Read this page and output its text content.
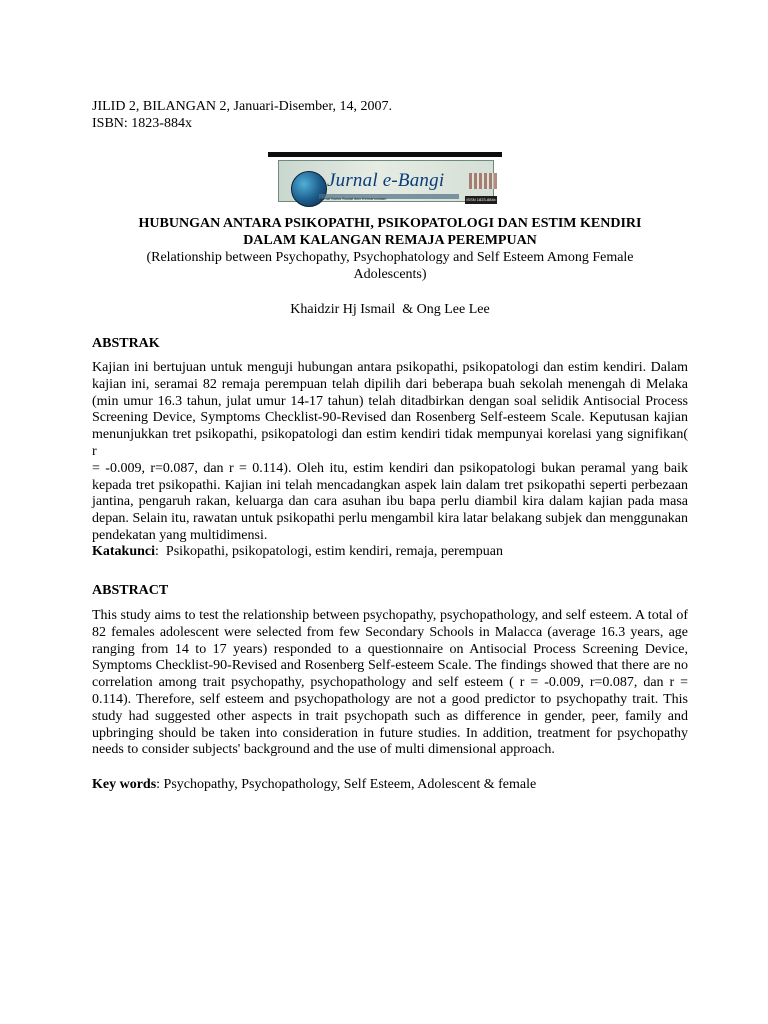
JILID 2, BILANGAN 2, Januari-Disember, 14, 2007.
ISBN: 1823-884x
Jurnal e-Bangi
Jurnal Sains Sosial dan Kemanusiaan	ISSN 1823-884x
HUBUNGAN ANTARA PSIKOPATHI, PSIKOPATOLOGI DAN ESTIM KENDIRI
DALAM KALANGAN REMAJA PEREMPUAN
(Relationship between Psychopathy, Psychophatology and Self Esteem Among Female
Adolescents)
Khaidzir Hj Ismail  & Ong Lee Lee
ABSTRAK
Kajian ini bertujuan untuk menguji hubungan antara psikopathi, psikopatologi dan estim kendiri. Dalam
kajian ini, seramai 82 remaja perempuan telah dipilih dari beberapa buah sekolah menengah di Melaka
(min umur 16.3 tahun, julat umur 14-17 tahun) telah ditadbirkan dengan soal selidik Antisocial Process
Screening Device, Symptoms Checklist-90-Revised dan Rosenberg Self-esteem Scale. Keputusan kajian
menunjukkan tret psikopathi, psikopatologi dan estim kendiri tidak mempunyai korelasi yang signifikan( r
= -0.009, r=0.087, dan r = 0.114). Oleh itu, estim kendiri dan psikopatologi bukan peramal yang baik
kepada tret psikopathi. Kajian ini telah mencadangkan aspek lain dalam tret psikopathi seperti perbezaan
jantina, pengaruh rakan, keluarga dan cara asuhan ibu bapa perlu diambil kira dalam kajian pada masa
depan. Selain itu, rawatan untuk psikopathi perlu mengambil kira latar belakang subjek dan menggunakan
pendekatan yang multidimensi.
Katakunci:  Psikopathi, psikopatologi, estim kendiri, remaja, perempuan
ABSTRACT
This study aims to test the relationship between psychopathy, psychopathology, and self esteem. A total of
82 females adolescent were selected from few Secondary Schools in Malacca (average 16.3 years, age
ranging from 14 to 17 years) responded to a questionnaire on Antisocial Process Screening Device,
Symptoms Checklist-90-Revised and Rosenberg Self-esteem Scale. The findings showed that there are no
correlation among trait psychopathy, psychopathology and self esteem ( r = -0.009, r=0.087, dan r =
0.114). Therefore, self esteem and psychopathology are not a good predictor to psychopathy trait. This
study had suggested other aspects in trait psychopath such as difference in gender, peer, family and
upbringing should be taken into consideration in future studies. In addition, treatment for psychopathy
needs to consider subjects' background and the use of multi dimensional approach.
Key words: Psychopathy, Psychopathology, Self Esteem, Adolescent & female
